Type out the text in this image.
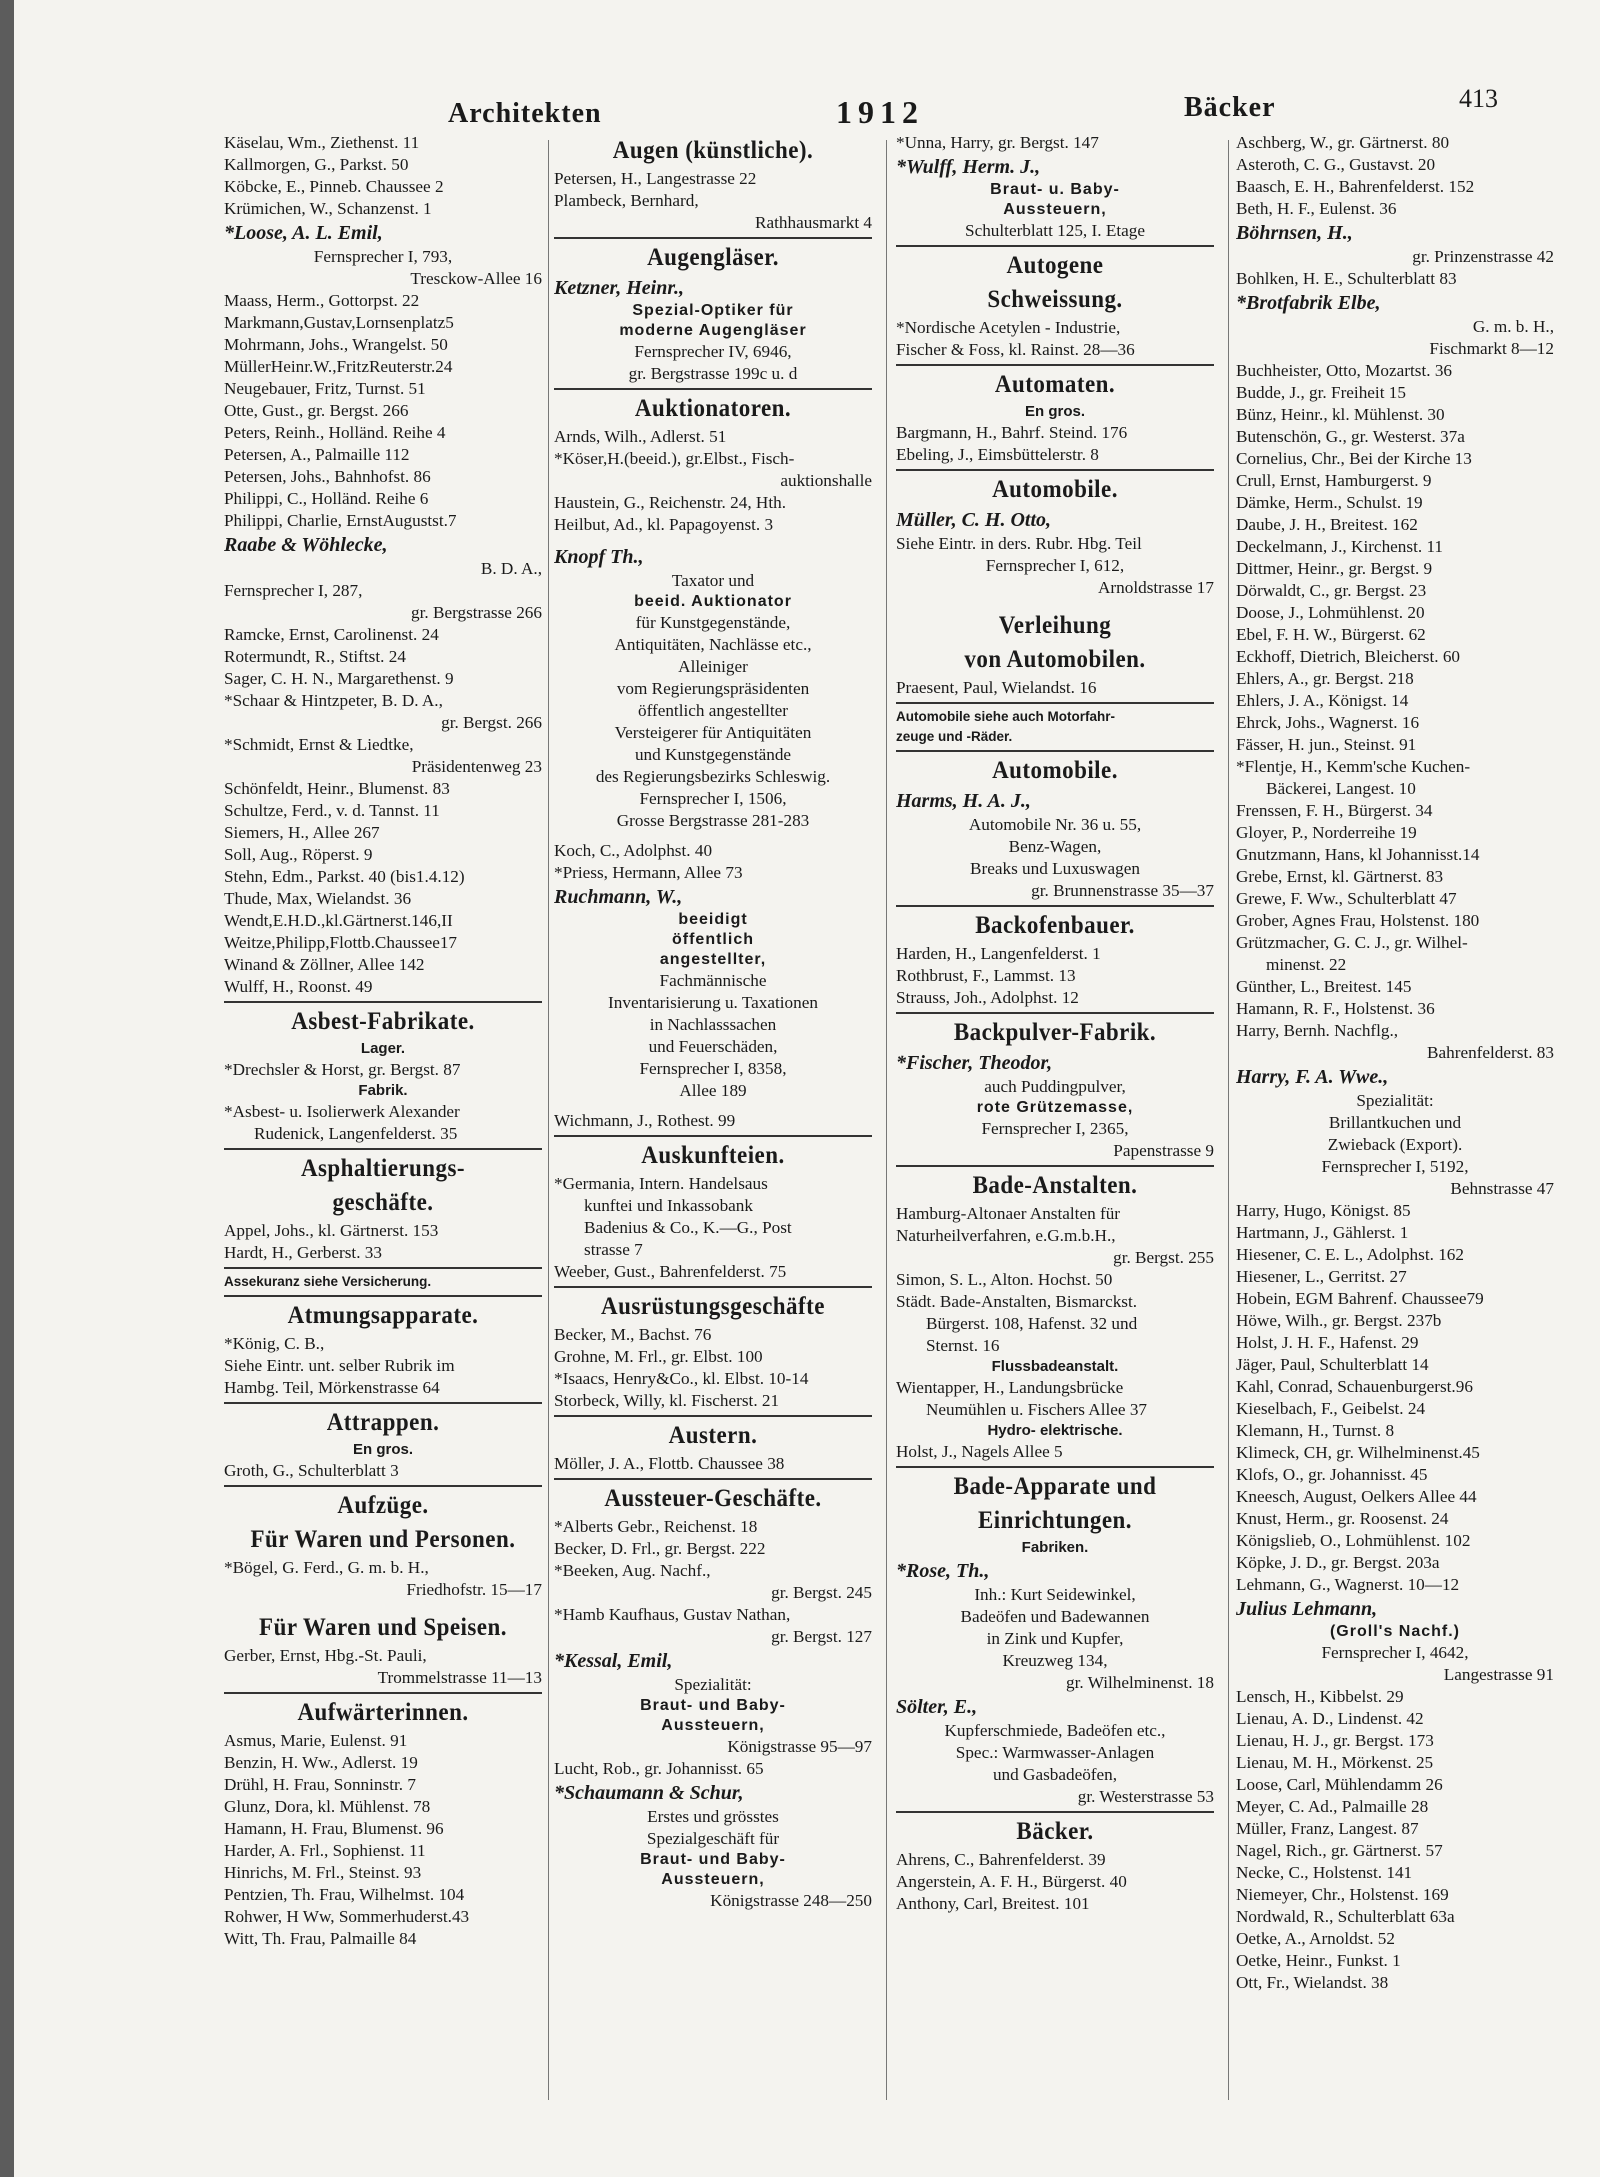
Architekten	1912	Bäcker	413
Käselau, Wm., Ziethenst. 11
Kallmorgen, G., Parkst. 50
Köbcke, E., Pinneb. Chaussee 2
Krümichen, W., Schanzenst. 1
*Loose, A. L. Emil,
Fernsprecher I, 793,
Tresckow-Allee 16
Maass, Herm., Gottorpst. 22
Markmann,Gustav,Lornsenplatz5
Mohrmann, Johs., Wrangelst. 50
MüllerHeinr.W.,FritzReuterstr.24
Neugebauer, Fritz, Turnst. 51
Otte, Gust., gr. Bergst. 266
Peters, Reinh., Holländ. Reihe 4
Petersen, A., Palmaille 112
Petersen, Johs., Bahnhofst. 86
Philippi, C., Holländ. Reihe 6
Philippi, Charlie, ErnstAugustst.7
Raabe & Wöhlecke,
B. D. A.,
Fernsprecher I, 287,
gr. Bergstrasse 266
Ramcke, Ernst, Carolinenst. 24
Rotermundt, R., Stiftst. 24
Sager, C. H. N., Margarethenst. 9
*Schaar & Hintzpeter, B. D. A.,
gr. Bergst. 266
*Schmidt, Ernst & Liedtke,
Präsidentenweg 23
Schönfeldt, Heinr., Blumenst. 83
Schultze, Ferd., v. d. Tannst. 11
Siemers, H., Allee 267
Soll, Aug., Röperst. 9
Stehn, Edm., Parkst. 40 (bis1.4.12)
Thude, Max, Wielandst. 36
Wendt,E.H.D.,kl.Gärtnerst.146,II
Weitze,Philipp,Flottb.Chaussee17
Winand & Zöllner, Allee 142
Wulff, H., Roonst. 49
Asbest-Fabrikate.
Lager.
*Drechsler & Horst, gr. Bergst. 87
Fabrik.
*Asbest- u. Isolierwerk Alexander
Rudenick, Langenfelderst. 35
Asphaltierungs-
geschäfte.
Appel, Johs., kl. Gärtnerst. 153
Hardt, H., Gerberst. 33
Assekuranz siehe Versicherung.
Atmungsapparate.
*König, C. B.,
Siehe Eintr. unt. selber Rubrik im
Hambg. Teil, Mörkenstrasse 64
Attrappen.
En gros.
Groth, G., Schulterblatt 3
Aufzüge.
Für Waren und Personen.
*Bögel, G. Ferd., G. m. b. H.,
Friedhofstr. 15—17
Für Waren und Speisen.
Gerber, Ernst, Hbg.-St. Pauli,
Trommelstrasse 11—13
Aufwärterinnen.
Asmus, Marie, Eulenst. 91
Benzin, H. Ww., Adlerst. 19
Drühl, H. Frau, Sonninstr. 7
Glunz, Dora, kl. Mühlenst. 78
Hamann, H. Frau, Blumenst. 96
Harder, A. Frl., Sophienst. 11
Hinrichs, M. Frl., Steinst. 93
Pentzien, Th. Frau, Wilhelmst. 104
Rohwer, H Ww, Sommerhuderst.43
Witt, Th. Frau, Palmaille 84
Augen (künstliche).
Petersen, H., Langestrasse 22
Plambeck, Bernhard,
Rathhausmarkt 4
Augengläser.
Ketzner, Heinr.,
Spezial-Optiker für
moderne Augengläser
Fernsprecher IV, 6946,
gr. Bergstrasse 199c u. d
Auktionatoren.
Arnds, Wilh., Adlerst. 51
*Köser,H.(beeid.), gr.Elbst., Fisch-
auktionshalle
Haustein, G., Reichenstr. 24, Hth.
Heilbut, Ad., kl. Papagoyenst. 3
Knopf Th.,
Taxator und
beeid. Auktionator
für Kunstgegenstände,
Antiquitäten, Nachlässe etc.,
Alleiniger
vom Regierungspräsidenten
öffentlich angestellter
Versteigerer für Antiquitäten
und Kunstgegenstände
des Regierungsbezirks Schleswig.
Fernsprecher I, 1506,
Grosse Bergstrasse 281-283
Koch, C., Adolphst. 40
*Priess, Hermann, Allee 73
Ruchmann, W.,
beeidigt
öffentlich
angestellter,
Fachmännische
Inventarisierung u. Taxationen
in Nachlasssachen
und Feuerschäden,
Fernsprecher I, 8358,
Allee 189
Wichmann, J., Rothest. 99
Auskunfteien.
*Germania, Intern. Handelsaus
kunftei und Inkassobank
Badenius & Co., K.—G., Post
strasse 7
Weeber, Gust., Bahrenfelderst. 75
Ausrüstungsgeschäfte
Becker, M., Bachst. 76
Grohne, M. Frl., gr. Elbst. 100
*Isaacs, Henry&Co., kl. Elbst. 10-14
Storbeck, Willy, kl. Fischerst. 21
Austern.
Möller, J. A., Flottb. Chaussee 38
Aussteuer-Geschäfte.
*Alberts Gebr., Reichenst. 18
Becker, D. Frl., gr. Bergst. 222
*Beeken, Aug. Nachf.,
gr. Bergst. 245
*Hamb Kaufhaus, Gustav Nathan,
gr. Bergst. 127
*Kessal, Emil,
Spezialität:
Braut- und Baby-
Aussteuern,
Königstrasse 95—97
Lucht, Rob., gr. Johannisst. 65
*Schaumann & Schur,
Erstes und grösstes
Spezialgeschäft für
Braut- und Baby-
Aussteuern,
Königstrasse 248—250
*Unna, Harry, gr. Bergst. 147
*Wulff, Herm. J.,
Braut- u. Baby-
Aussteuern,
Schulterblatt 125, I. Etage
Autogene
Schweissung.
*Nordische Acetylen - Industrie,
Fischer & Foss, kl. Rainst. 28—36
Automaten.
En gros.
Bargmann, H., Bahrf. Steind. 176
Ebeling, J., Eimsbüttelerstr. 8
Automobile.
Müller, C. H. Otto,
Siehe Eintr. in ders. Rubr. Hbg. Teil
Fernsprecher I, 612,
Arnoldstrasse 17
Verleihung
von Automobilen.
Praesent, Paul, Wielandst. 16
Automobile siehe auch Motorfahr-
zeuge und -Räder.
Automobile.
Harms, H. A. J.,
Automobile Nr. 36 u. 55,
Benz-Wagen,
Breaks und Luxuswagen
gr. Brunnenstrasse 35—37
Backofenbauer.
Harden, H., Langenfelderst. 1
Rothbrust, F., Lammst. 13
Strauss, Joh., Adolphst. 12
Backpulver-Fabrik.
*Fischer, Theodor,
auch Puddingpulver,
rote Grützemasse,
Fernsprecher I, 2365,
Papenstrasse 9
Bade-Anstalten.
Hamburg-Altonaer Anstalten für
Naturheilverfahren, e.G.m.b.H.,
gr. Bergst. 255
Simon, S. L., Alton. Hochst. 50
Städt. Bade-Anstalten, Bismarckst.
Bürgerst. 108, Hafenst. 32 und
Sternst. 16
Flussbadeanstalt.
Wientapper, H., Landungsbrücke
Neumühlen u. Fischers Allee 37
Hydro- elektrische.
Holst, J., Nagels Allee 5
Bade-Apparate und
Einrichtungen.
Fabriken.
*Rose, Th.,
Inh.: Kurt Seidewinkel,
Badeöfen und Badewannen
in Zink und Kupfer,
Kreuzweg 134,
gr. Wilhelminenst. 18
Sölter, E.,
Kupferschmiede, Badeöfen etc.,
Spec.: Warmwasser-Anlagen
und Gasbadeöfen,
gr. Westerstrasse 53
Bäcker.
Ahrens, C., Bahrenfelderst. 39
Angerstein, A. F. H., Bürgerst. 40
Anthony, Carl, Breitest. 101
Aschberg, W., gr. Gärtnerst. 80
Asteroth, C. G., Gustavst. 20
Baasch, E. H., Bahrenfelderst. 152
Beth, H. F., Eulenst. 36
Böhrnsen, H.,
gr. Prinzenstrasse 42
Bohlken, H. E., Schulterblatt 83
*Brotfabrik Elbe,
G. m. b. H.,
Fischmarkt 8—12
Buchheister, Otto, Mozartst. 36
Budde, J., gr. Freiheit 15
Bünz, Heinr., kl. Mühlenst. 30
Butenschön, G., gr. Westerst. 37a
Cornelius, Chr., Bei der Kirche 13
Crull, Ernst, Hamburgerst. 9
Dämke, Herm., Schulst. 19
Daube, J. H., Breitest. 162
Deckelmann, J., Kirchenst. 11
Dittmer, Heinr., gr. Bergst. 9
Dörwaldt, C., gr. Bergst. 23
Doose, J., Lohmühlenst. 20
Ebel, F. H. W., Bürgerst. 62
Eckhoff, Dietrich, Bleicherst. 60
Ehlers, A., gr. Bergst. 218
Ehlers, J. A., Königst. 14
Ehrck, Johs., Wagnerst. 16
Fässer, H. jun., Steinst. 91
*Flentje, H., Kemm'sche Kuchen-
Bäckerei, Langest. 10
Frenssen, F. H., Bürgerst. 34
Gloyer, P., Norderreihe 19
Gnutzmann, Hans, kl Johannisst.14
Grebe, Ernst, kl. Gärtnerst. 83
Grewe, F. Ww., Schulterblatt 47
Grober, Agnes Frau, Holstenst. 180
Grützmacher, G. C. J., gr. Wilhel-
minenst. 22
Günther, L., Breitest. 145
Hamann, R. F., Holstenst. 36
Harry, Bernh. Nachflg.,
Bahrenfelderst. 83
Harry, F. A. Wwe.,
Spezialität:
Brillantkuchen und
Zwieback (Export).
Fernsprecher I, 5192,
Behnstrasse 47
Harry, Hugo, Königst. 85
Hartmann, J., Gählerst. 1
Hiesener, C. E. L., Adolphst. 162
Hiesener, L., Gerritst. 27
Hobein, EGM Bahrenf. Chaussee79
Höwe, Wilh., gr. Bergst. 237b
Holst, J. H. F., Hafenst. 29
Jäger, Paul, Schulterblatt 14
Kahl, Conrad, Schauenburgerst.96
Kieselbach, F., Geibelst. 24
Klemann, H., Turnst. 8
Klimeck, CH, gr. Wilhelminenst.45
Klofs, O., gr. Johannisst. 45
Kneesch, August, Oelkers Allee 44
Knust, Herm., gr. Roosenst. 24
Königslieb, O., Lohmühlenst. 102
Köpke, J. D., gr. Bergst. 203a
Lehmann, G., Wagnerst. 10—12
Julius Lehmann,
(Groll's Nachf.)
Fernsprecher I, 4642,
Langestrasse 91
Lensch, H., Kibbelst. 29
Lienau, A. D., Lindenst. 42
Lienau, H. J., gr. Bergst. 173
Lienau, M. H., Mörkenst. 25
Loose, Carl, Mühlendamm 26
Meyer, C. Ad., Palmaille 28
Müller, Franz, Langest. 87
Nagel, Rich., gr. Gärtnerst. 57
Necke, C., Holstenst. 141
Niemeyer, Chr., Holstenst. 169
Nordwald, R., Schulterblatt 63a
Oetke, A., Arnoldst. 52
Oetke, Heinr., Funkst. 1
Ott, Fr., Wielandst. 38
